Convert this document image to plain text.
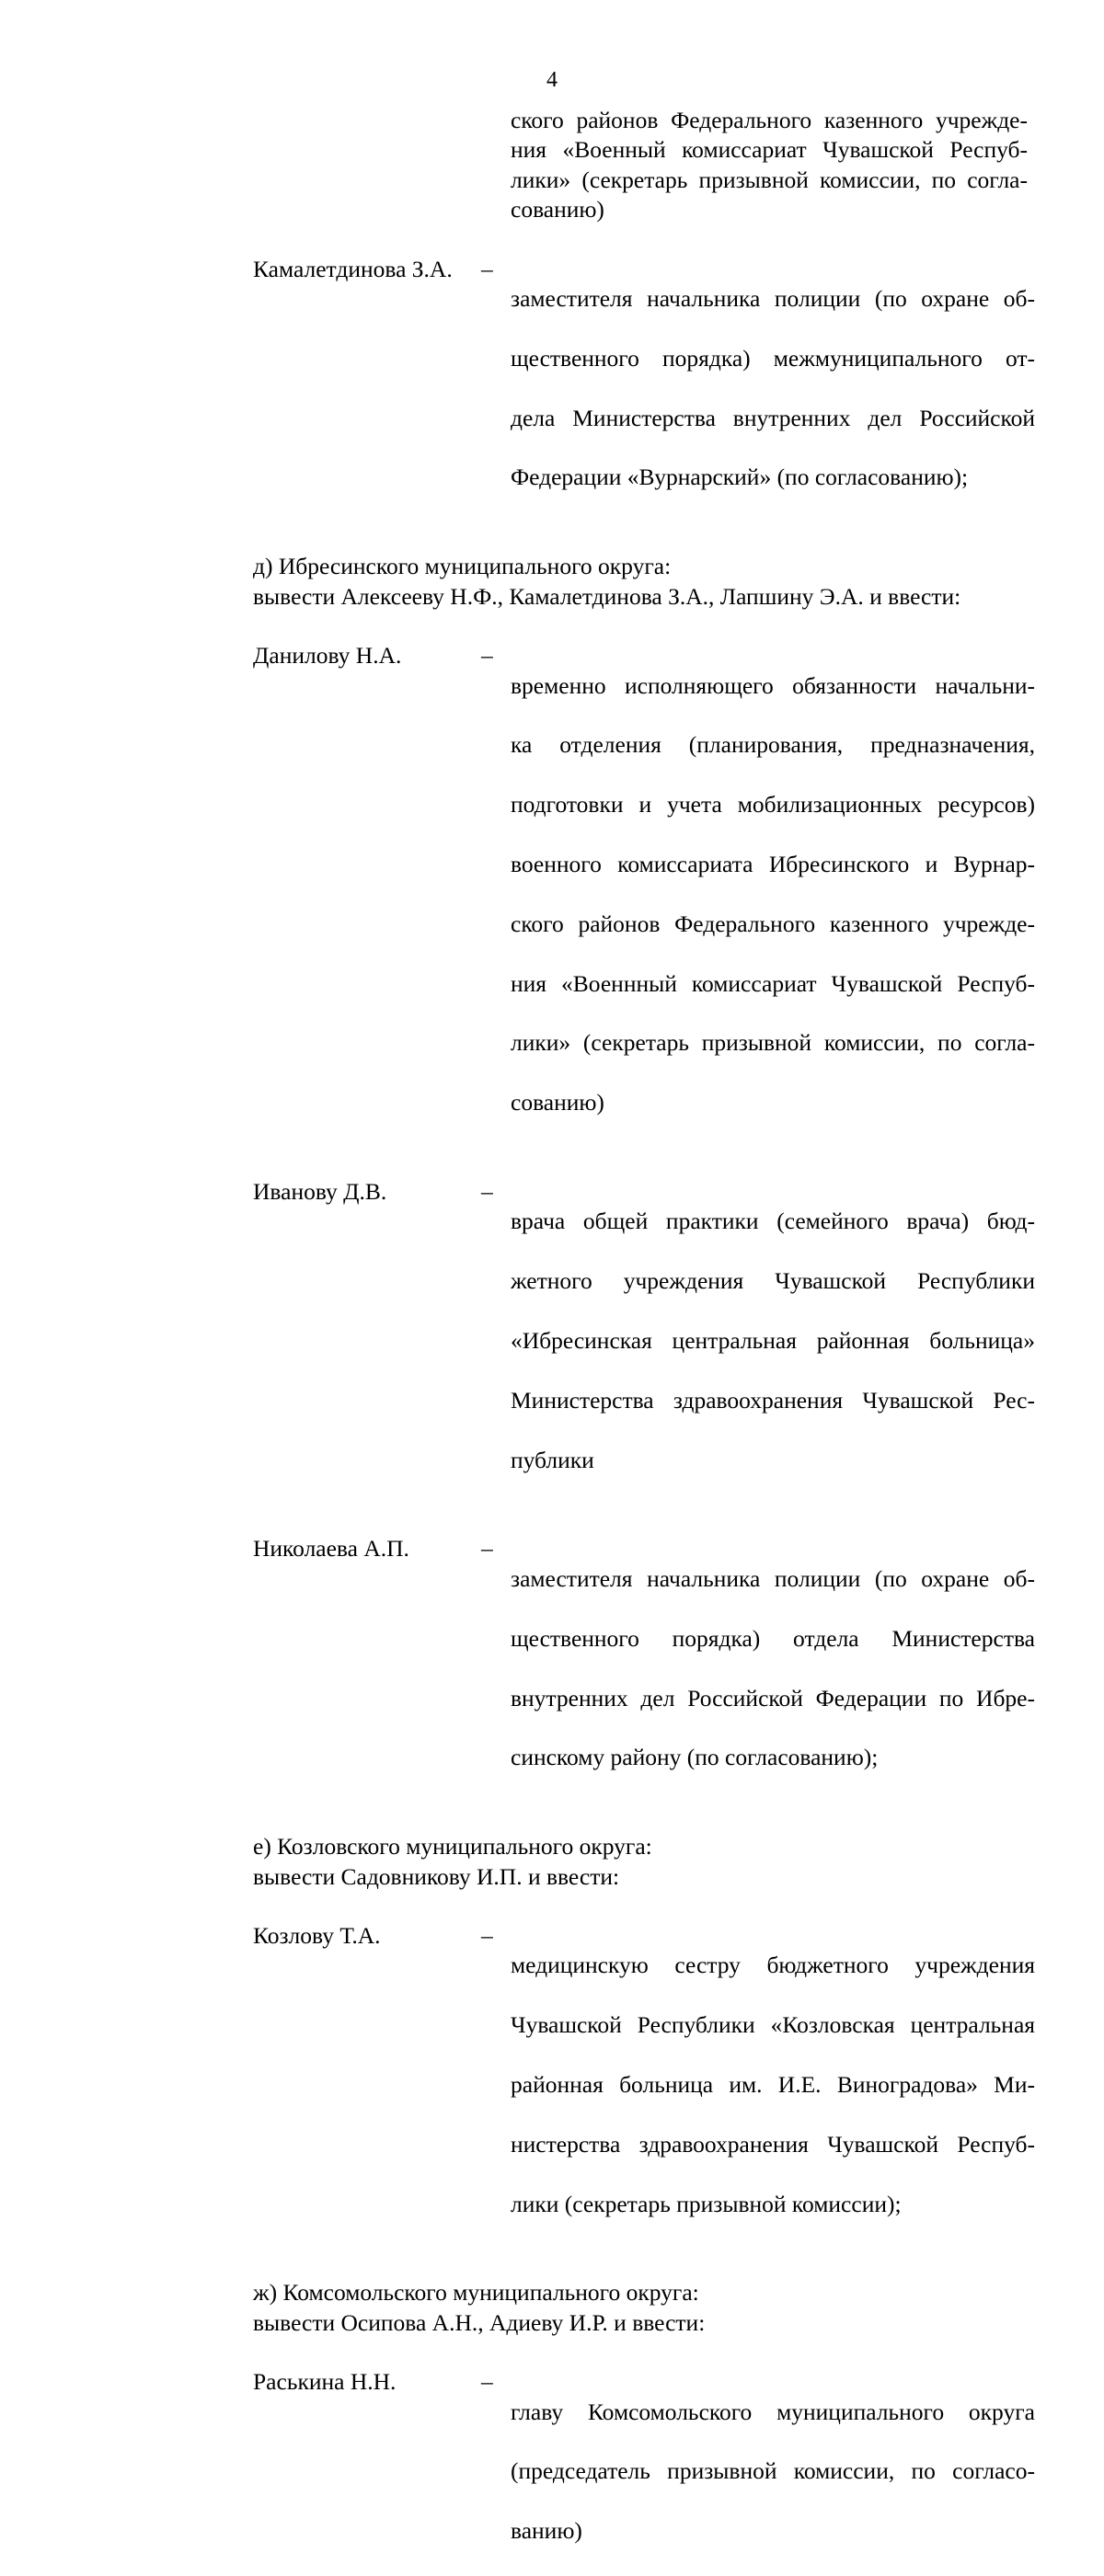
4
ского районов Федерального казенного учрежде-
ния «Военный комиссариат Чувашской Респуб-
лики» (секретарь призывной комиссии, по согла-
сованию)
Камалетдинова З.А.	–

заместителя начальника полиции (по охране об-

щественного порядка) межмуниципального от-

дела Министерства внутренних дел Российской

Федерации «Вурнарский» (по согласованию);

д) Ибресинского муниципального округа:
вывести Алексееву Н.Ф., Камалетдинова З.А., Лапшину Э.А. и ввести:
Данилову Н.А.	–

временно исполняющего обязанности начальни-

ка отделения (планирования, предназначения,

подготовки и учета мобилизационных ресурсов)

военного комиссариата Ибресинского и Вурнар-

ского районов Федерального казенного учрежде-

ния «Военнный комиссариат Чувашской Респуб-

лики» (секретарь призывной комиссии, по согла-

сованию)

Иванову Д.В.	–

врача общей практики (семейного врача) бюд-

жетного учреждения Чувашской Республики

«Ибресинская центральная районная больница»

Министерства здравоохранения Чувашской Рес-

публики

Николаева А.П.	–

заместителя начальника полиции (по охране об-

щественного порядка) отдела Министерства

внутренних дел Российской Федерации по Ибре-

синскому району (по согласованию);

е) Козловского муниципального округа:
вывести Садовникову И.П. и ввести:
Козлову Т.А.	–

медицинскую сестру бюджетного учреждения

Чувашской Республики «Козловская центральная

районная больница им. И.Е. Виноградова» Ми-

нистерства здравоохранения Чувашской Респуб-

лики (секретарь призывной комиссии);

ж) Комсомольского муниципального округа:
вывести Осипова А.Н., Адиеву И.Р. и ввести:
Раськина Н.Н.	–

главу Комсомольского муниципального округа

(председатель призывной комиссии, по согласо-

ванию)
